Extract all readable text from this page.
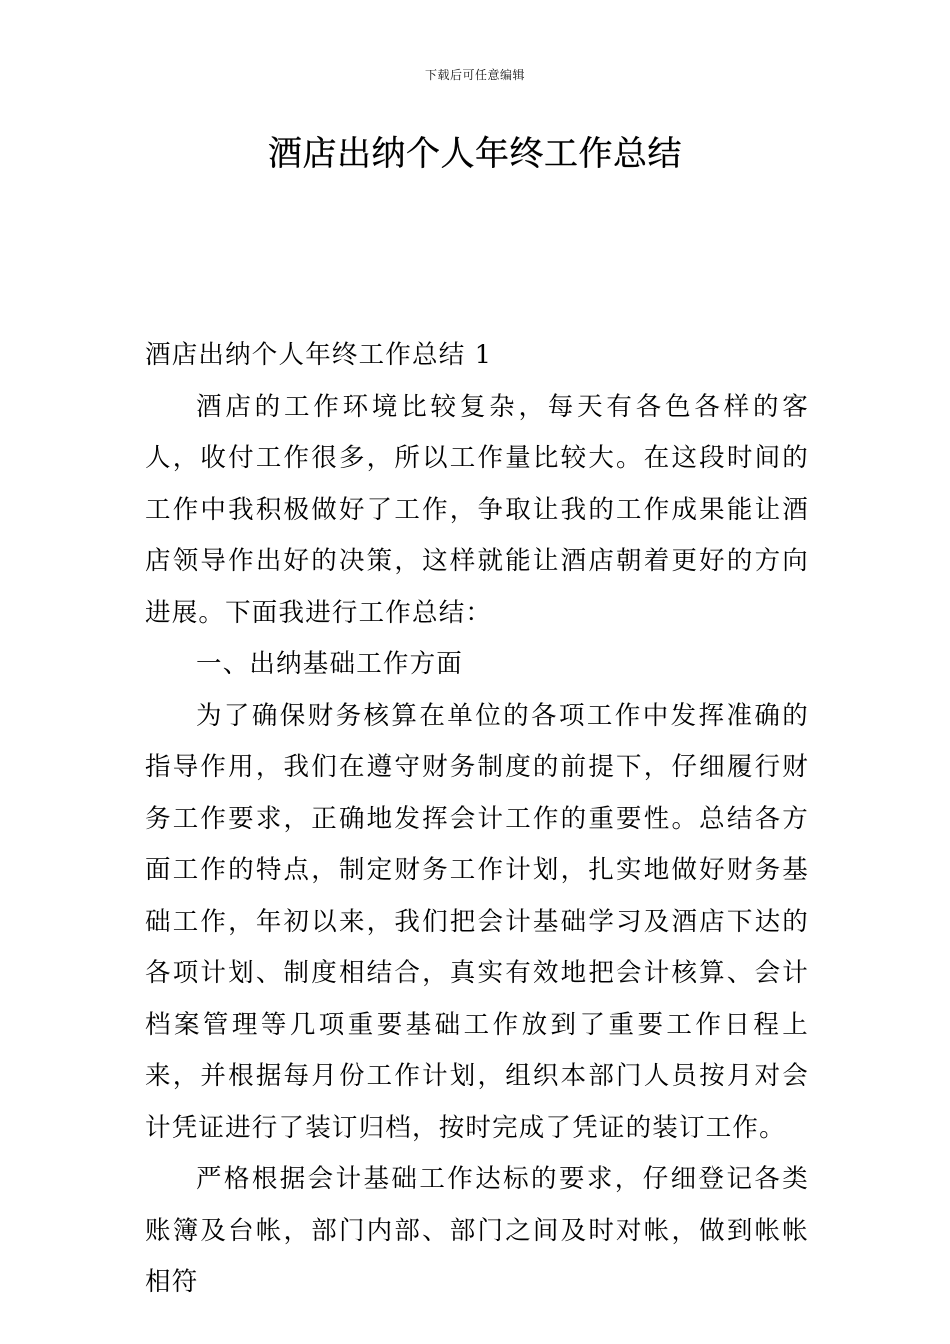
下载后可任意编辑
酒店出纳个人年终工作总结
酒店出纳个人年终工作总结 1

酒店的工作环境比较复杂，每天有各色各样的客人，收付工作很多，所以工作量比较大。在这段时间的工作中我积极做好了工作，争取让我的工作成果能让酒店领导作出好的决策，这样就能让酒店朝着更好的方向进展。下面我进行工作总结：

一、出纳基础工作方面

为了确保财务核算在单位的各项工作中发挥准确的指导作用，我们在遵守财务制度的前提下，仔细履行财务工作要求，正确地发挥会计工作的重要性。总结各方面工作的特点，制定财务工作计划，扎实地做好财务基础工作，年初以来，我们把会计基础学习及酒店下达的各项计划、制度相结合，真实有效地把会计核算、会计档案管理等几项重要基础工作放到了重要工作日程上来，并根据每月份工作计划，组织本部门人员按月对会计凭证进行了装订归档，按时完成了凭证的装订工作。

严格根据会计基础工作达标的要求，仔细登记各类账簿及台帐，部门内部、部门之间及时对帐，做到帐帐相符
